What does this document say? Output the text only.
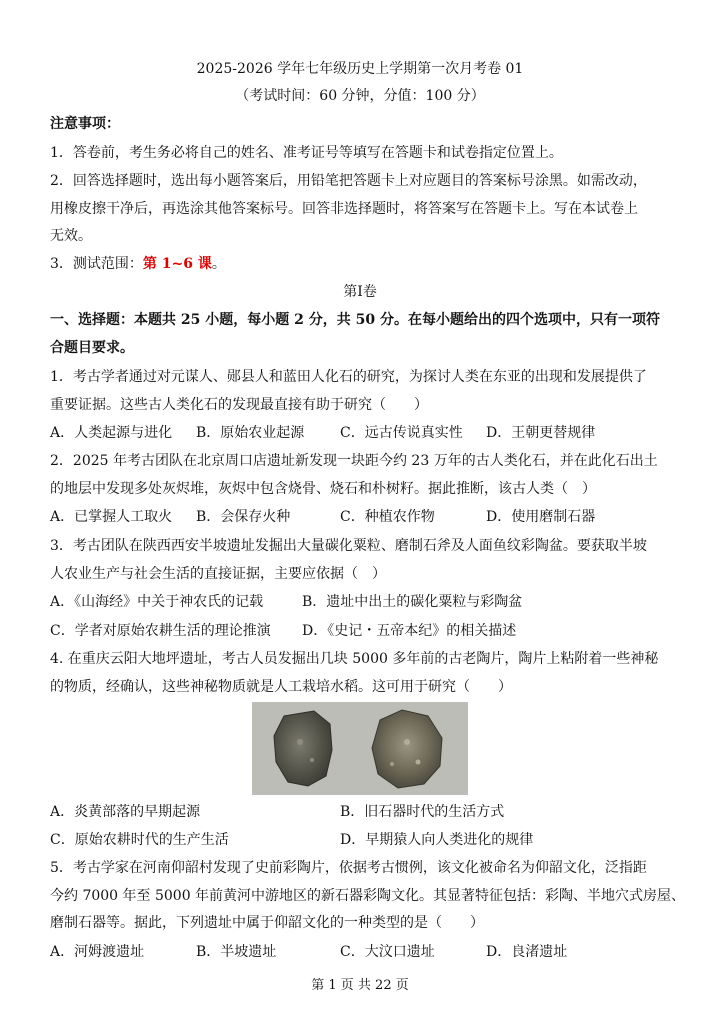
2025-2026 学年七年级历史上学期第一次月考卷 01
（考试时间：60 分钟，分值：100 分）
注意事项：
1．答卷前，考生务必将自己的姓名、准考证号等填写在答题卡和试卷指定位置上。
2．回答选择题时，选出每小题答案后，用铅笔把答题卡上对应题目的答案标号涂黑。如需改动，
用橡皮擦干净后，再选涂其他答案标号。回答非选择题时，将答案写在答题卡上。写在本试卷上
无效。
3．测试范围：第 1~6 课。
第Ⅰ卷
一、选择题：本题共 25 小题，每小题 2 分，共 50 分。在每小题给出的四个选项中，只有一项符
合题目要求。
1．考古学者通过对元谋人、郧县人和蓝田人化石的研究，为探讨人类在东亚的出现和发展提供了
重要证据。这些古人类化石的发现最直接有助于研究（　　）
A．人类起源与进化 B．原始农业起源	C．远古传说真实性 D．王朝更替规律
2．2025 年考古团队在北京周口店遗址新发现一块距今约 23 万年的古人类化石，并在此化石出土
的地层中发现多处灰烬堆，灰烬中包含烧骨、烧石和朴树籽。据此推断，该古人类（　）
A．已掌握人工取火 B．会保存火种	C．种植农作物	D．使用磨制石器
3．考古团队在陕西西安半坡遗址发掘出大量碳化粟粒、磨制石斧及人面鱼纹彩陶盆。要获取半坡
人农业生产与社会生活的直接证据，主要应依据（　）
A．《山海经》中关于神农氏的记载	B．遗址中出土的碳化粟粒与彩陶盆
C．学者对原始农耕生活的理论推演 D．《史记・五帝本纪》的相关描述
4. 在重庆云阳大地坪遗址，考古人员发掘出几块 5000 多年前的古老陶片，陶片上粘附着一些神秘
的物质，经确认，这些神秘物质就是人工栽培水稻。这可用于研究（　　）
A．炎黄部落的早期起源	B．旧石器时代的生活方式
C．原始农耕时代的生产生活	D．早期猿人向人类进化的规律
5．考古学家在河南仰韶村发现了史前彩陶片，依据考古惯例，该文化被命名为仰韶文化，泛指距
今约 7000 年至 5000 年前黄河中游地区的新石器彩陶文化。其显著特征包括：彩陶、半地穴式房屋、
磨制石器等。据此，下列遗址中属于仰韶文化的一种类型的是（　　）
A．河姆渡遗址	B．半坡遗址	C．大汶口遗址	D．良渚遗址
第 1 页 共 22 页
